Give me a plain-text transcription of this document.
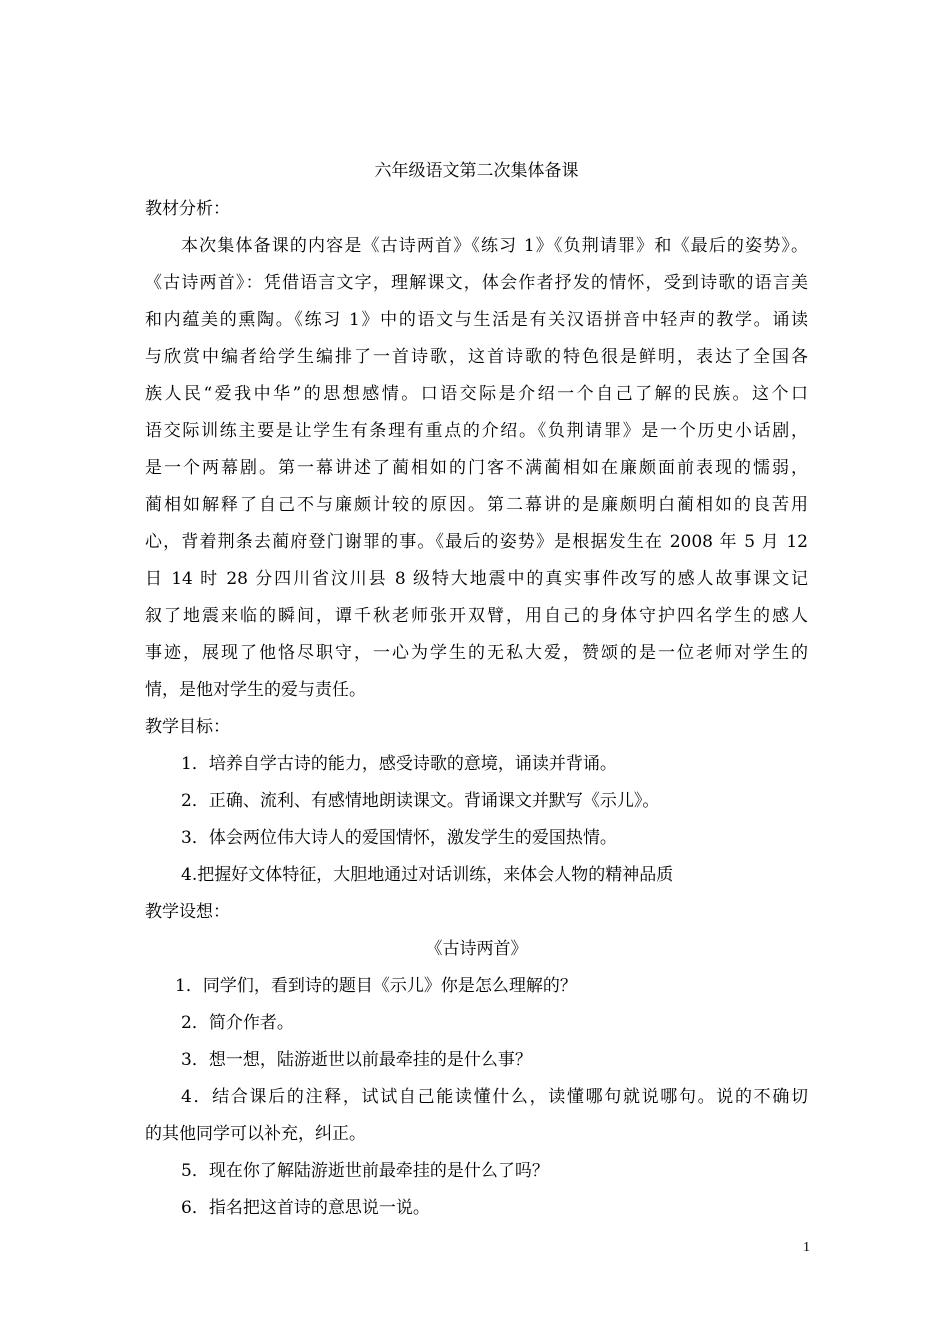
六年级语文第二次集体备课
教材分析：
本次集体备课的内容是《古诗两首》《练习 1》《负荆请罪》和《最后的姿势》。
《古诗两首》：凭借语言文字，理解课文，体会作者抒发的情怀，受到诗歌的语言美
和内蕴美的熏陶。《练习 1》中的语文与生活是有关汉语拼音中轻声的教学。诵读
与欣赏中编者给学生编排了一首诗歌，这首诗歌的特色很是鲜明，表达了全国各
族人民“爱我中华”的思想感情。口语交际是介绍一个自己了解的民族。这个口
语交际训练主要是让学生有条理有重点的介绍。《负荆请罪》是一个历史小话剧，
是一个两幕剧。第一幕讲述了蔺相如的门客不满蔺相如在廉颇面前表现的懦弱，
蔺相如解释了自己不与廉颇计较的原因。第二幕讲的是廉颇明白蔺相如的良苦用
心，背着荆条去蔺府登门谢罪的事。《最后的姿势》是根据发生在 2008 年 5 月 12
日 14 时 28 分四川省汶川县 8 级特大地震中的真实事件改写的感人故事课文记
叙了地震来临的瞬间，谭千秋老师张开双臂，用自己的身体守护四名学生的感人
事迹，展现了他恪尽职守，一心为学生的无私大爱，赞颂的是一位老师对学生的
情，是他对学生的爱与责任。
教学目标：
1．培养自学古诗的能力，感受诗歌的意境，诵读并背诵。
2．正确、流利、有感情地朗读课文。背诵课文并默写《示儿》。
3．体会两位伟大诗人的爱国情怀，激发学生的爱国热情。
4.把握好文体特征，大胆地通过对话训练，来体会人物的精神品质
教学设想：
《古诗两首》
1．同学们，看到诗的题目《示儿》你是怎么理解的？
2．简介作者。
3．想一想，陆游逝世以前最牵挂的是什么事？
4．结合课后的注释，试试自己能读懂什么，读懂哪句就说哪句。说的不确切
的其他同学可以补充，纠正。
5．现在你了解陆游逝世前最牵挂的是什么了吗？
6．指名把这首诗的意思说一说。
1
